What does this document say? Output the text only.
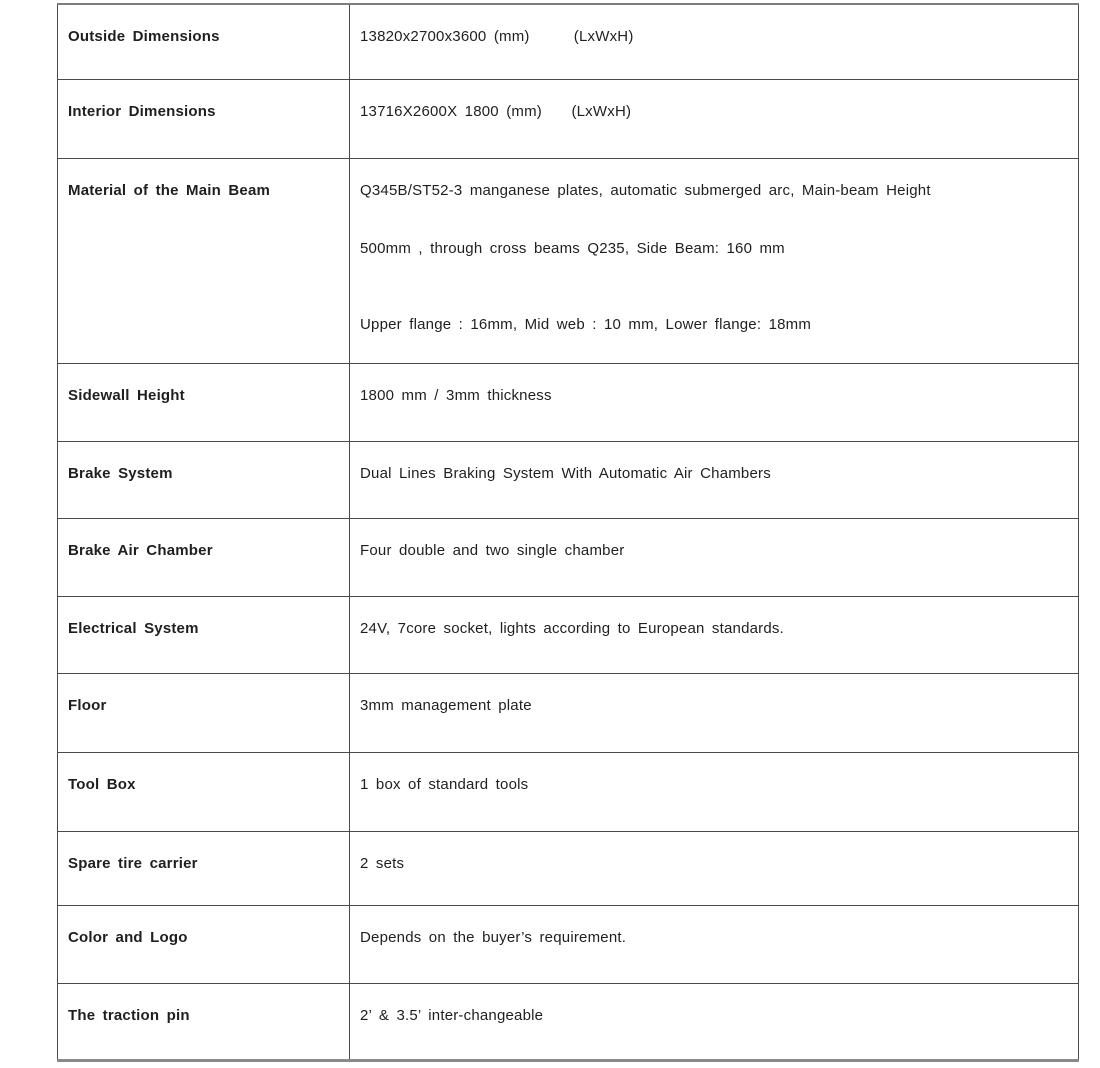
Outside Dimensions	13820x2700x3600 (mm)      (LxWxH)

Interior Dimensions	13716X2600X 1800 (mm)    (LxWxH)

Material of the Main Beam	Q345B/ST52-3 manganese plates, automatic submerged arc, Main-beam Height
500mm , through cross beams Q235, Side Beam: 160 mm
Upper flange : 16mm, Mid web : 10 mm, Lower flange: 18mm

Sidewall Height	1800 mm / 3mm thickness

Brake System	Dual Lines Braking System With Automatic Air Chambers

Brake Air Chamber	Four double and two single chamber

Electrical System	24V, 7core socket, lights according to European standards.

Floor	3mm management plate

Tool Box	1 box of standard tools

Spare tire carrier	2 sets

Color and Logo	Depends on the buyer’s requirement.

The traction pin	2’ & 3.5’ inter-changeable
